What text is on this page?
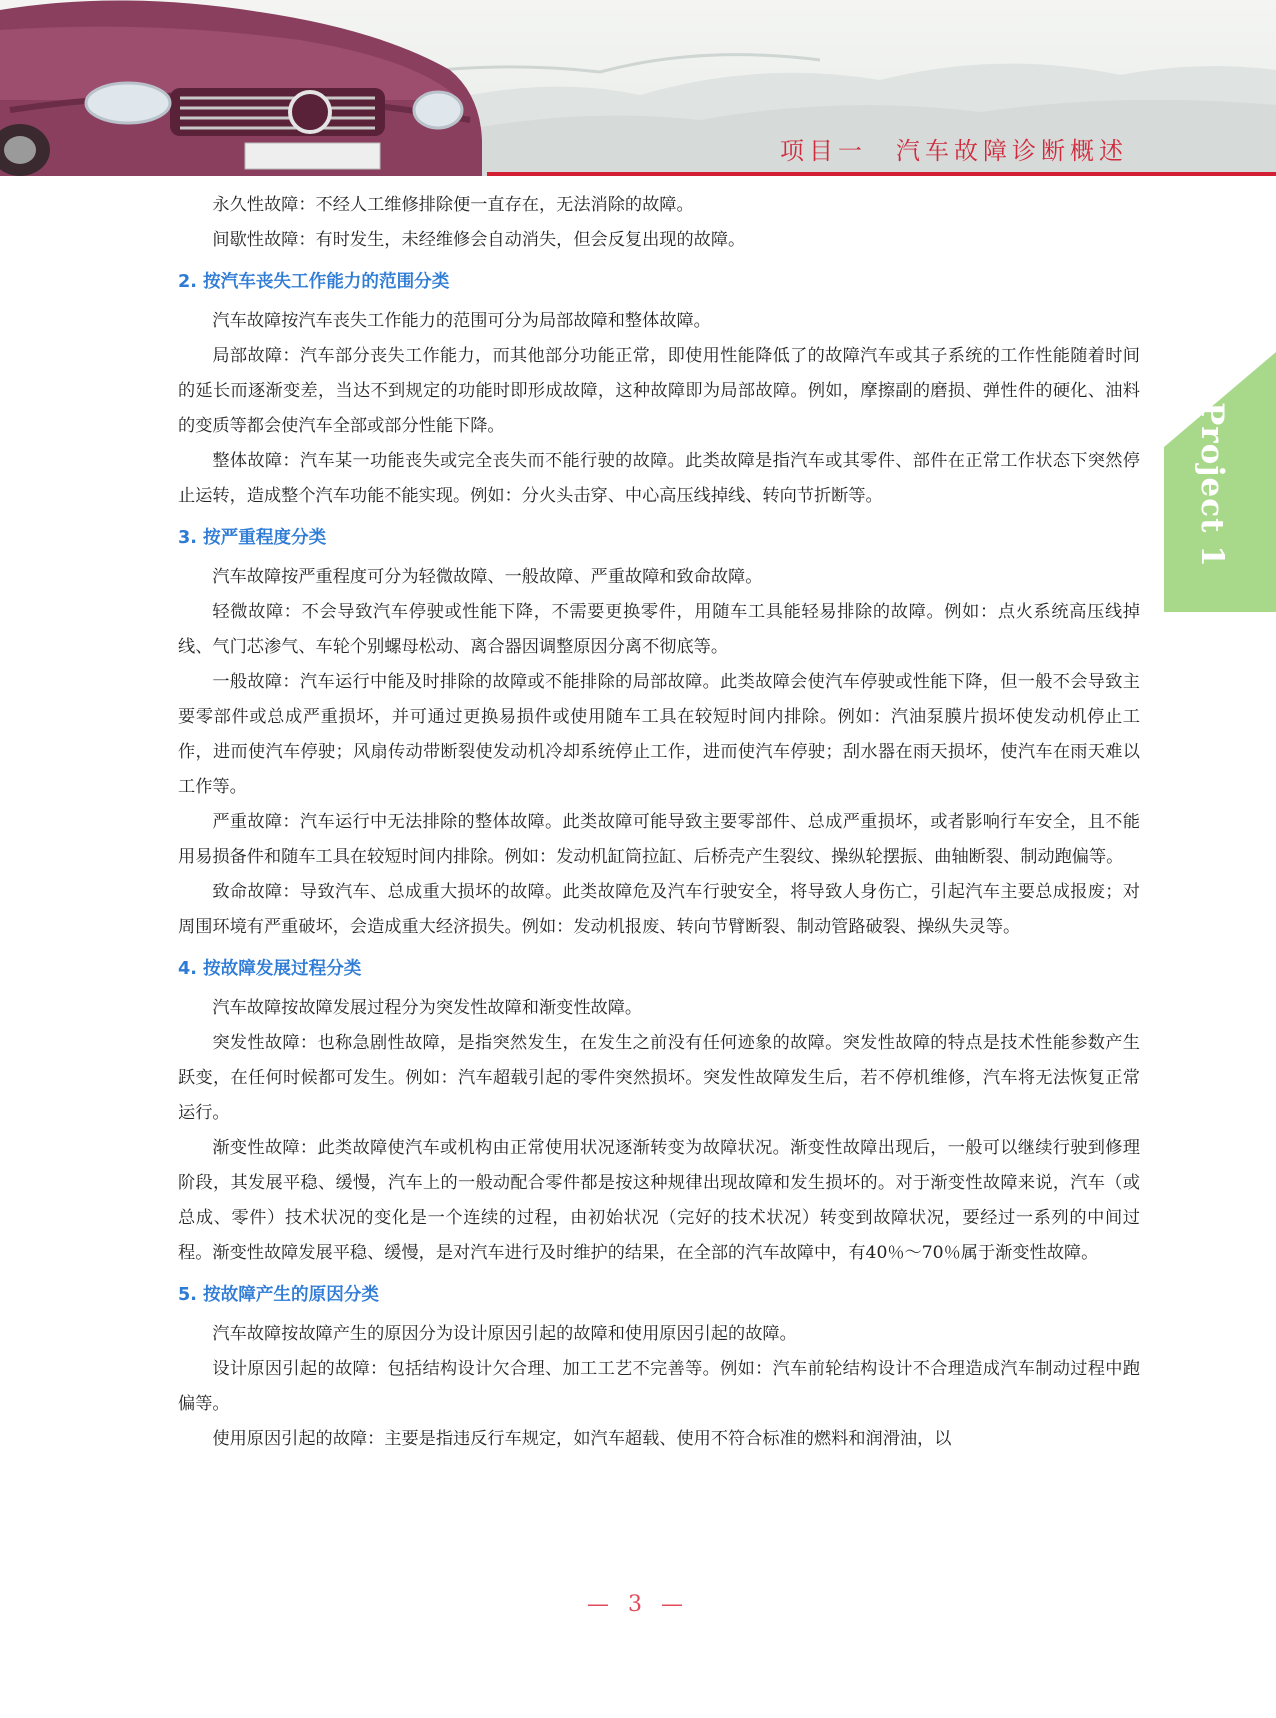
项目一　汽车故障诊断概述
Project 1

永久性故障：不经人工维修排除便一直存在，无法消除的故障。

间歇性故障：有时发生，未经维修会自动消失，但会反复出现的故障。

2. 按汽车丧失工作能力的范围分类

汽车故障按汽车丧失工作能力的范围可分为局部故障和整体故障。

局部故障：汽车部分丧失工作能力，而其他部分功能正常，即使用性能降低了的故障汽车或其子系统的工作性能随着时间的延长而逐渐变差，当达不到规定的功能时即形成故障，这种故障即为局部故障。例如，摩擦副的磨损、弹性件的硬化、油料的变质等都会使汽车全部或部分性能下降。

整体故障：汽车某一功能丧失或完全丧失而不能行驶的故障。此类故障是指汽车或其零件、部件在正常工作状态下突然停止运转，造成整个汽车功能不能实现。例如：分火头击穿、中心高压线掉线、转向节折断等。

3. 按严重程度分类

汽车故障按严重程度可分为轻微故障、一般故障、严重故障和致命故障。

轻微故障：不会导致汽车停驶或性能下降，不需要更换零件，用随车工具能轻易排除的故障。例如：点火系统高压线掉线、气门芯渗气、车轮个别螺母松动、离合器因调整原因分离不彻底等。

一般故障：汽车运行中能及时排除的故障或不能排除的局部故障。此类故障会使汽车停驶或性能下降，但一般不会导致主要零部件或总成严重损坏，并可通过更换易损件或使用随车工具在较短时间内排除。例如：汽油泵膜片损坏使发动机停止工作，进而使汽车停驶；风扇传动带断裂使发动机冷却系统停止工作，进而使汽车停驶；刮水器在雨天损坏，使汽车在雨天难以工作等。

严重故障：汽车运行中无法排除的整体故障。此类故障可能导致主要零部件、总成严重损坏，或者影响行车安全，且不能用易损备件和随车工具在较短时间内排除。例如：发动机缸筒拉缸、后桥壳产生裂纹、操纵轮摆振、曲轴断裂、制动跑偏等。

致命故障：导致汽车、总成重大损坏的故障。此类故障危及汽车行驶安全，将导致人身伤亡，引起汽车主要总成报废；对周围环境有严重破坏，会造成重大经济损失。例如：发动机报废、转向节臂断裂、制动管路破裂、操纵失灵等。

4. 按故障发展过程分类

汽车故障按故障发展过程分为突发性故障和渐变性故障。

突发性故障：也称急剧性故障，是指突然发生，在发生之前没有任何迹象的故障。突发性故障的特点是技术性能参数产生跃变，在任何时候都可发生。例如：汽车超载引起的零件突然损坏。突发性故障发生后，若不停机维修，汽车将无法恢复正常运行。

渐变性故障：此类故障使汽车或机构由正常使用状况逐渐转变为故障状况。渐变性故障出现后，一般可以继续行驶到修理阶段，其发展平稳、缓慢，汽车上的一般动配合零件都是按这种规律出现故障和发生损坏的。对于渐变性故障来说，汽车（或总成、零件）技术状况的变化是一个连续的过程，由初始状况（完好的技术状况）转变到故障状况，要经过一系列的中间过程。渐变性故障发展平稳、缓慢，是对汽车进行及时维护的结果，在全部的汽车故障中，有40％～70％属于渐变性故障。

5. 按故障产生的原因分类

汽车故障按故障产生的原因分为设计原因引起的故障和使用原因引起的故障。

设计原因引起的故障：包括结构设计欠合理、加工工艺不完善等。例如：汽车前轮结构设计不合理造成汽车制动过程中跑偏等。

使用原因引起的故障：主要是指违反行车规定，如汽车超载、使用不符合标准的燃料和润滑油，以

— 3 —
